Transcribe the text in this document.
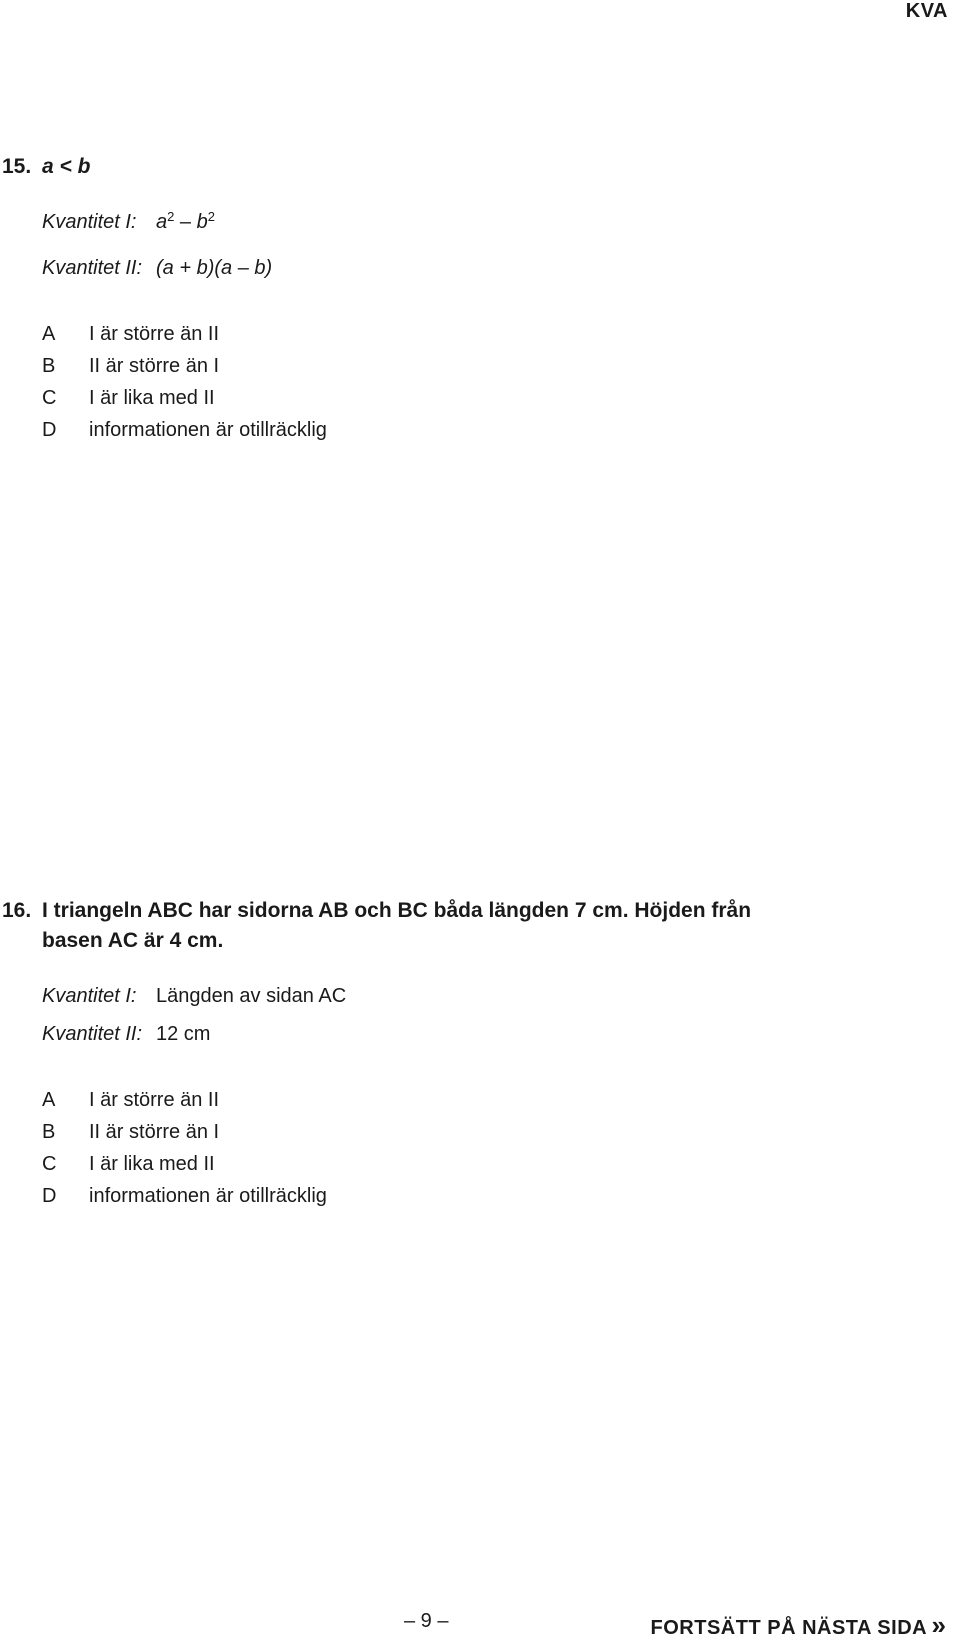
KVA
15. a < b
Kvantitet I: $a^2 - b^2$
Kvantitet II: (a + b)(a – b)
A I är större än II
B II är större än I
C I är lika med II
D informationen är otillräcklig
16. I triangeln ABC har sidorna AB och BC båda längden 7 cm. Höjden från
basen AC är 4 cm.
Kvantitet I: Längden av sidan AC
Kvantitet II: 12 cm
A I är större än II
B II är större än I
C I är lika med II
D informationen är otillräcklig
– 9 –	FORTSÄTT PÅ NÄSTA SIDA »
